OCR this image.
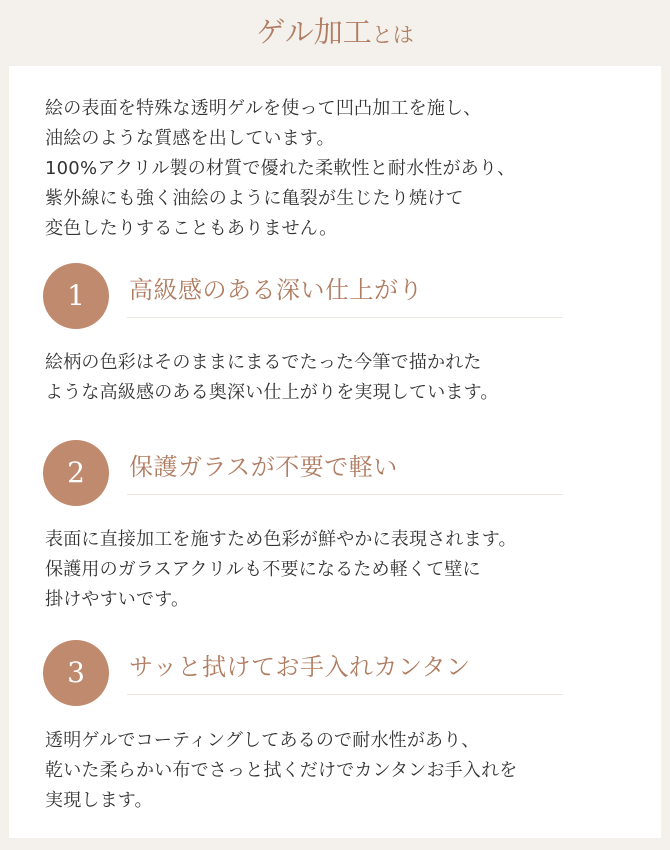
ゲル加工とは
絵の表面を特殊な透明ゲルを使って凹凸加工を施し、
油絵のような質感を出しています。
100%アクリル製の材質で優れた柔軟性と耐水性があり、
紫外線にも強く油絵のように亀裂が生じたり焼けて
変色したりすることもありません。
1	高級感のある深い仕上がり
絵柄の色彩はそのままにまるでたった今筆で描かれた
ような高級感のある奥深い仕上がりを実現しています。
2	保護ガラスが不要で軽い
表面に直接加工を施すため色彩が鮮やかに表現されます。
保護用のガラスアクリルも不要になるため軽くて壁に
掛けやすいです。
3	サッと拭けてお手入れカンタン
透明ゲルでコーティングしてあるので耐水性があり、
乾いた柔らかい布でさっと拭くだけでカンタンお手入れを
実現します。
